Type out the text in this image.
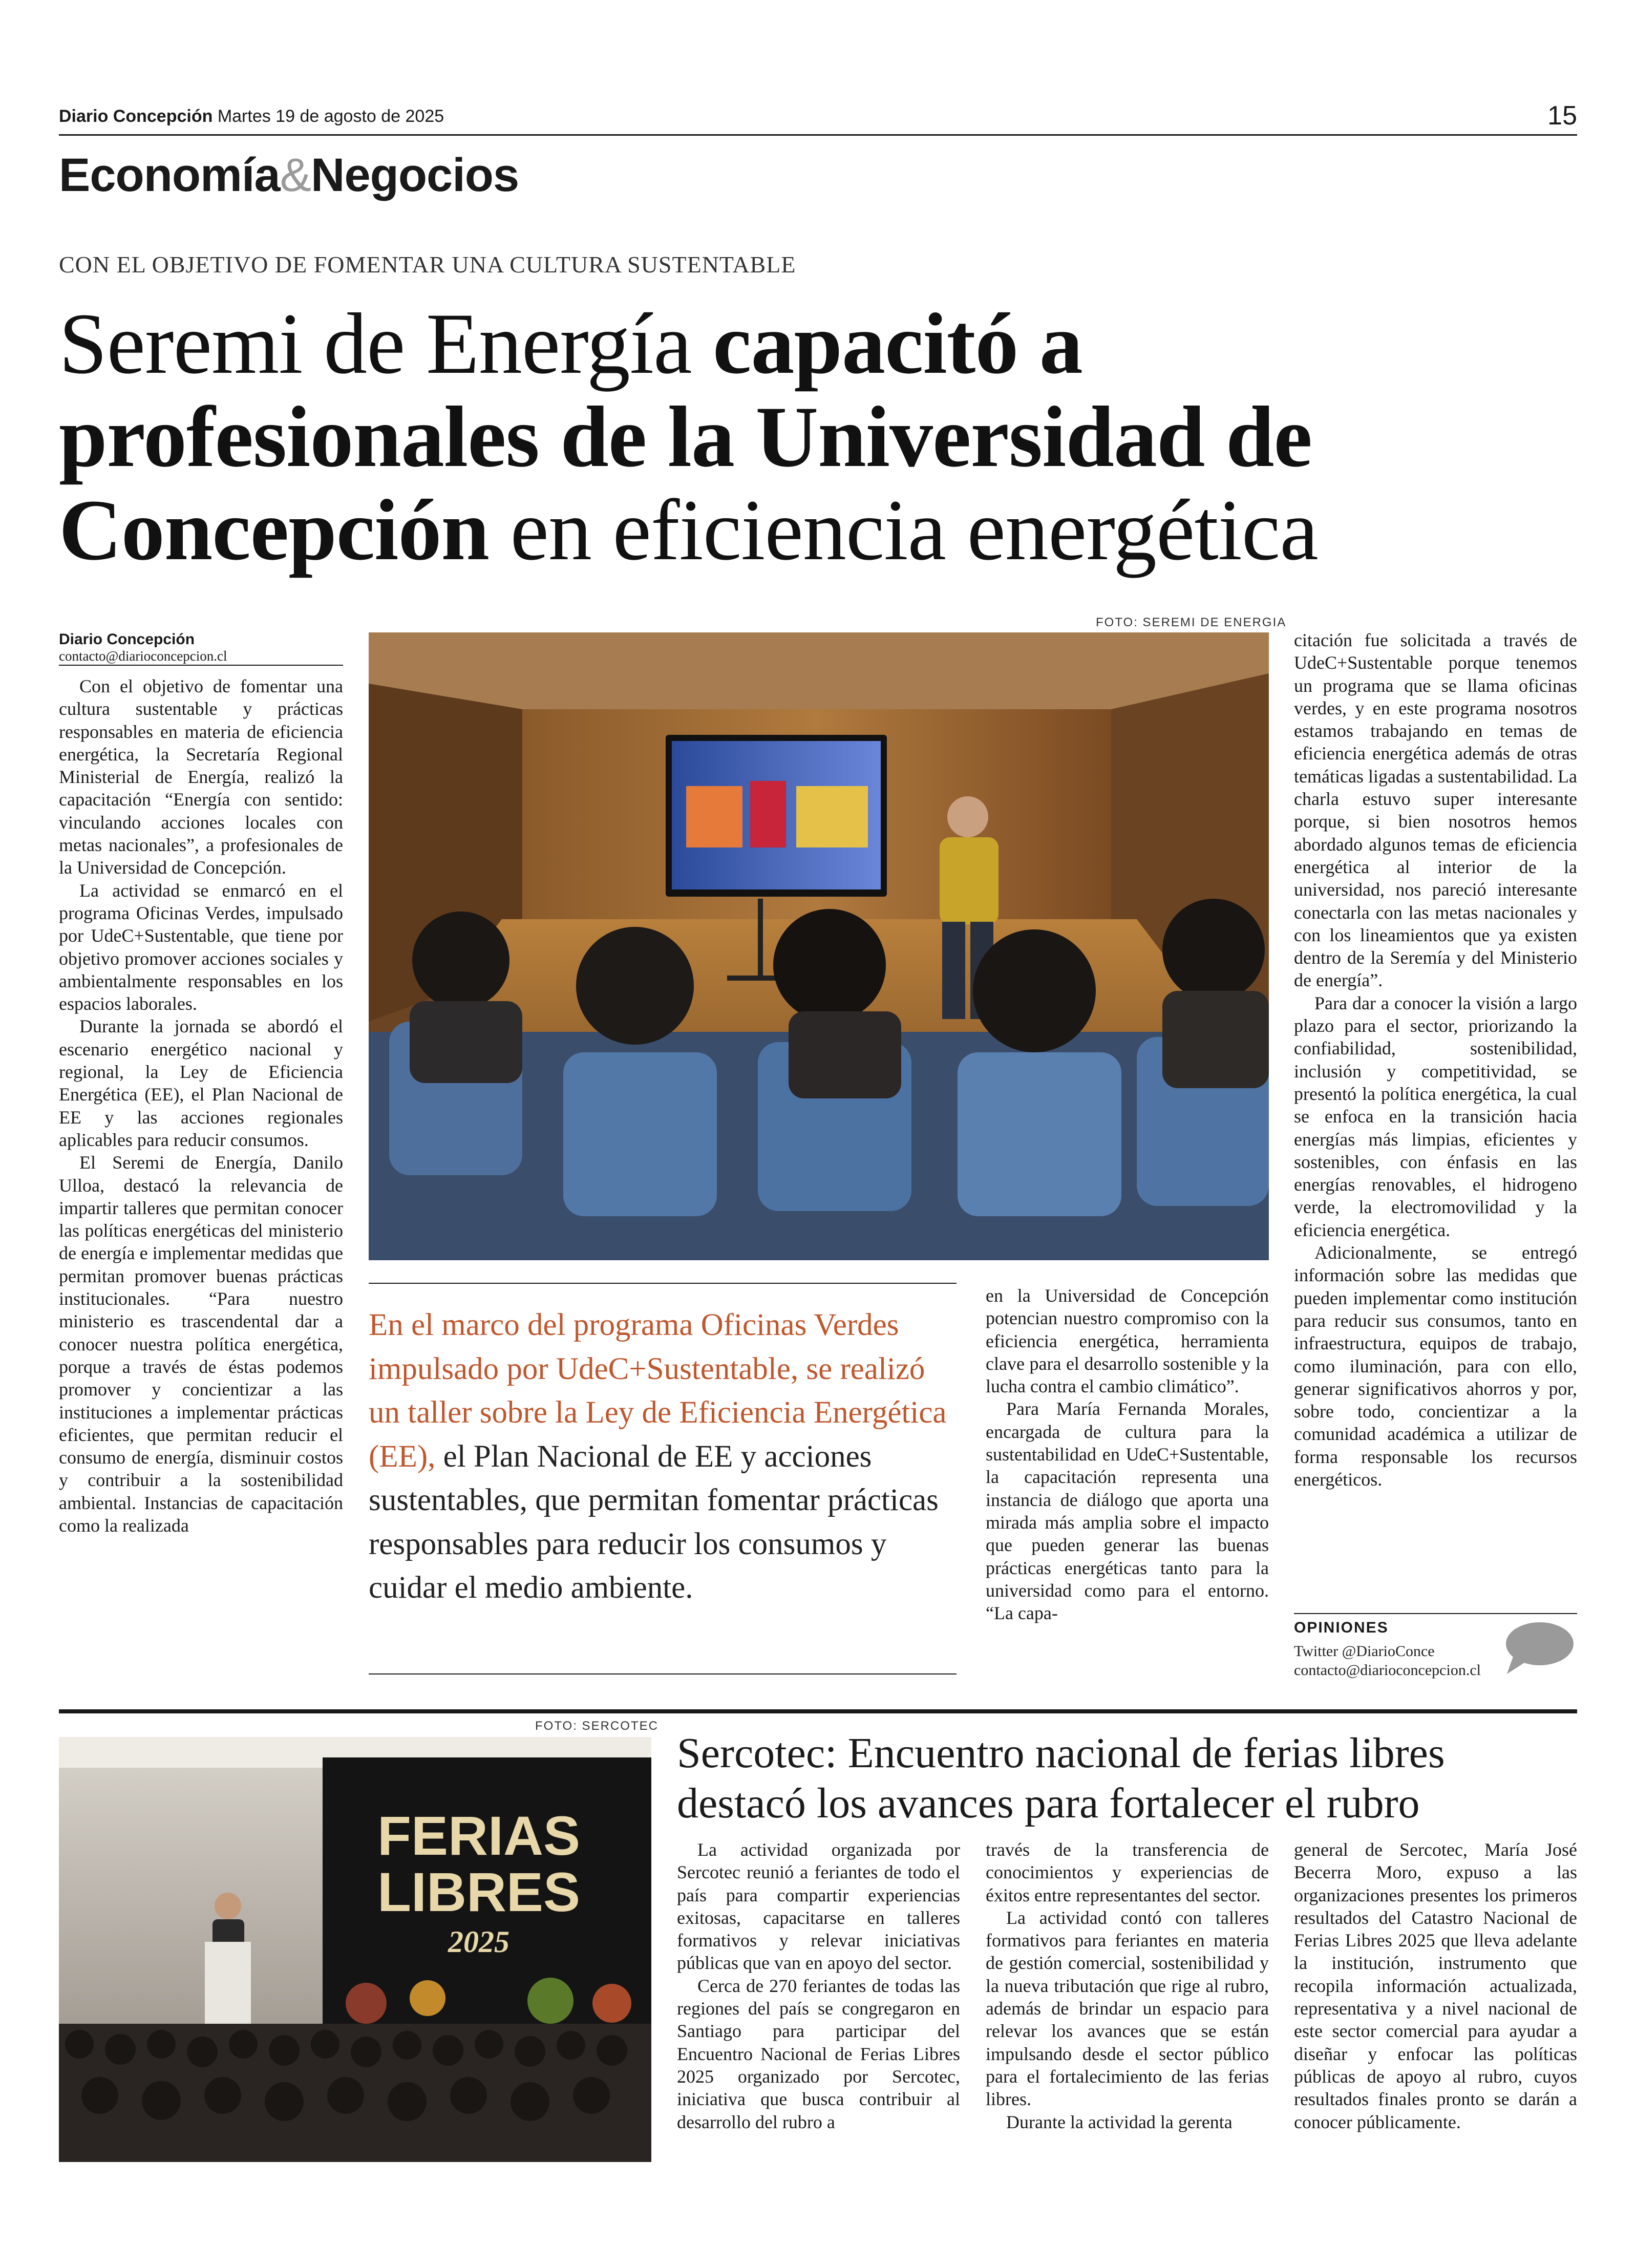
Diario Concepción Martes 19 de agosto de 2025	15
Economía&Negocios
CON EL OBJETIVO DE FOMENTAR UNA CULTURA SUSTENTABLE
Seremi de Energía capacitó a profesionales de la Universidad de Concepción en eficiencia energética
Diario Concepción
contacto@diarioconcepcion.cl

Con el objetivo de fomentar una cultura sustentable y prácticas responsables en materia de eficiencia energética, la Secretaría Regional Ministerial de Energía, realizó la capacitación “Energía con sentido: vinculando acciones locales con metas nacionales”, a profesionales de la Universidad de Concepción.

La actividad se enmarcó en el programa Oficinas Verdes, impulsado por UdeC+Sustentable, que tiene por objetivo promover acciones sociales y ambientalmente responsables en los espacios laborales.

Durante la jornada se abordó el escenario energético nacional y regional, la Ley de Eficiencia Energética (EE), el Plan Nacional de EE y las acciones regionales aplicables para reducir consumos.

El Seremi de Energía, Danilo Ulloa, destacó la relevancia de impartir talleres que permitan conocer las políticas energéticas del ministerio de energía e implementar medidas que permitan promover buenas prácticas institucionales. “Para nuestro ministerio es trascendental dar a conocer nuestra política energética, porque a través de éstas podemos promover y concientizar a las instituciones a implementar prácticas eficientes, que permitan reducir el consumo de energía, disminuir costos y contribuir a la sostenibilidad ambiental. Instancias de capacitación como la realizada

FOTO: SEREMI DE ENERGIA
En el marco del programa Oficinas Verdes impulsado por UdeC+Sustentable, se realizó un taller sobre la Ley de Eficiencia Energética (EE), el Plan Nacional de EE y acciones sustentables, que permitan fomentar prácticas responsables para reducir los consumos y cuidar el medio ambiente.

en la Universidad de Concepción potencian nuestro compromiso con la eficiencia energética, herramienta clave para el desarrollo sostenible y la lucha contra el cambio climático”.

Para María Fernanda Morales, encargada de cultura para la sustentabilidad en UdeC+Sustentable, la capacitación representa una instancia de diálogo que aporta una mirada más amplia sobre el impacto que pueden generar las buenas prácticas energéticas tanto para la universidad como para el entorno. “La capa-

citación fue solicitada a través de UdeC+Sustentable porque tenemos un programa que se llama oficinas verdes, y en este programa nosotros estamos trabajando en temas de eficiencia energética además de otras temáticas ligadas a sustentabilidad. La charla estuvo super interesante porque, si bien nosotros hemos abordado algunos temas de eficiencia energética al interior de la universidad, nos pareció interesante conectarla con las metas nacionales y con los lineamientos que ya existen dentro de la Seremía y del Ministerio de energía”.

Para dar a conocer la visión a largo plazo para el sector, priorizando la confiabilidad, sostenibilidad, inclusión y competitividad, se presentó la política energética, la cual se enfoca en la transición hacia energías más limpias, eficientes y sostenibles, con énfasis en las energías renovables, el hidrogeno verde, la electromovilidad y la eficiencia energética.

Adicionalmente, se entregó información sobre las medidas que pueden implementar como institución para reducir sus consumos, tanto en infraestructura, equipos de trabajo, como iluminación, para con ello, generar significativos ahorros y por, sobre todo, concientizar a la comunidad académica a utilizar de forma responsable los recursos energéticos.

OPINIONES
Twitter @DiarioConce
contacto@diarioconcepcion.cl
FOTO: SERCOTEC
FERIAS
LIBRES
2025
Sercotec: Encuentro nacional de ferias libres destacó los avances para fortalecer el rubro

La actividad organizada por Sercotec reunió a feriantes de todo el país para compartir experiencias exitosas, capacitarse en talleres formativos y relevar iniciativas públicas que van en apoyo del sector.

Cerca de 270 feriantes de todas las regiones del país se congregaron en Santiago para participar del Encuentro Nacional de Ferias Libres 2025 organizado por Sercotec, iniciativa que busca contribuir al desarrollo del rubro a

través de la transferencia de conocimientos y experiencias de éxitos entre representantes del sector.

La actividad contó con talleres formativos para feriantes en materia de gestión comercial, sostenibilidad y la nueva tributación que rige al rubro, además de brindar un espacio para relevar los avances que se están impulsando desde el sector público para el fortalecimiento de las ferias libres.

Durante la actividad la gerenta

general de Sercotec, María José Becerra Moro, expuso a las organizaciones presentes los primeros resultados del Catastro Nacional de Ferias Libres 2025 que lleva adelante la institución, instrumento que recopila información actualizada, representativa y a nivel nacional de este sector comercial para ayudar a diseñar y enfocar las políticas públicas de apoyo al rubro, cuyos resultados finales pronto se darán a conocer públicamente.
